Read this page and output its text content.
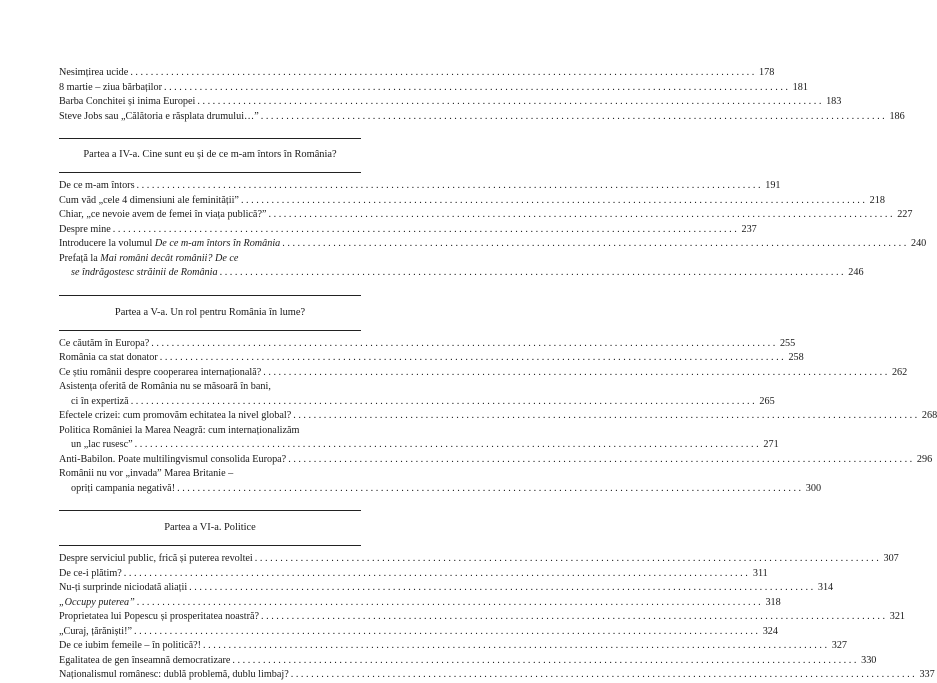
Nesimțirea ucide . . .	178
8 martie – ziua bărbaților . . .	181
Barba Conchitei și inima Europei . . .	183
Steve Jobs sau „Călătoria e răsplata drumului…” . . .	186
Partea a IV-a. Cine sunt eu și de ce m-am întors în România?
De ce m-am întors . . .	191
Cum văd „cele 4 dimensiuni ale feminității” . . .	218
Chiar, „ce nevoie avem de femei în viața publică?” . . .	227
Despre mine . . .	237
Introducere la volumul De ce m-am întors în România . . .	240
Prefață la Mai români decât românii? De ce
se îndrăgostesc străinii de România . . .	246
Partea a V-a. Un rol pentru România în lume?
Ce căutăm în Europa? . . .	255
România ca stat donator . . .	258
Ce știu românii despre cooperarea internațională? . . .	262
Asistența oferită de România nu se măsoară în bani,
ci în expertiză . . .	265
Efectele crizei: cum promovăm echitatea la nivel global? . . .	268
Politica României la Marea Neagră: cum internaționalizăm
un „lac rusesc” . . .	271
Anti-Babilon. Poate multilingvismul consolida Europa? . . .	296
Românii nu vor „invada” Marea Britanie –
opriți campania negativă! . . .	300
Partea a VI-a. Politice
Despre serviciul public, frică și puterea revoltei . . .	307
De ce-i plătim? . . .	311
Nu-ți surprinde niciodată aliații . . .	314
„Occupy puterea” . . .	318
Proprietatea lui Popescu și prosperitatea noastră? . . .	321
„Curaj, țărăniști!” . . .	324
De ce iubim femeile – în politică?! . . .	327
Egalitatea de gen înseamnă democratizare . . .	330
Naționalismul românesc: dublă problemă, dublu limbaj? . . .	337
